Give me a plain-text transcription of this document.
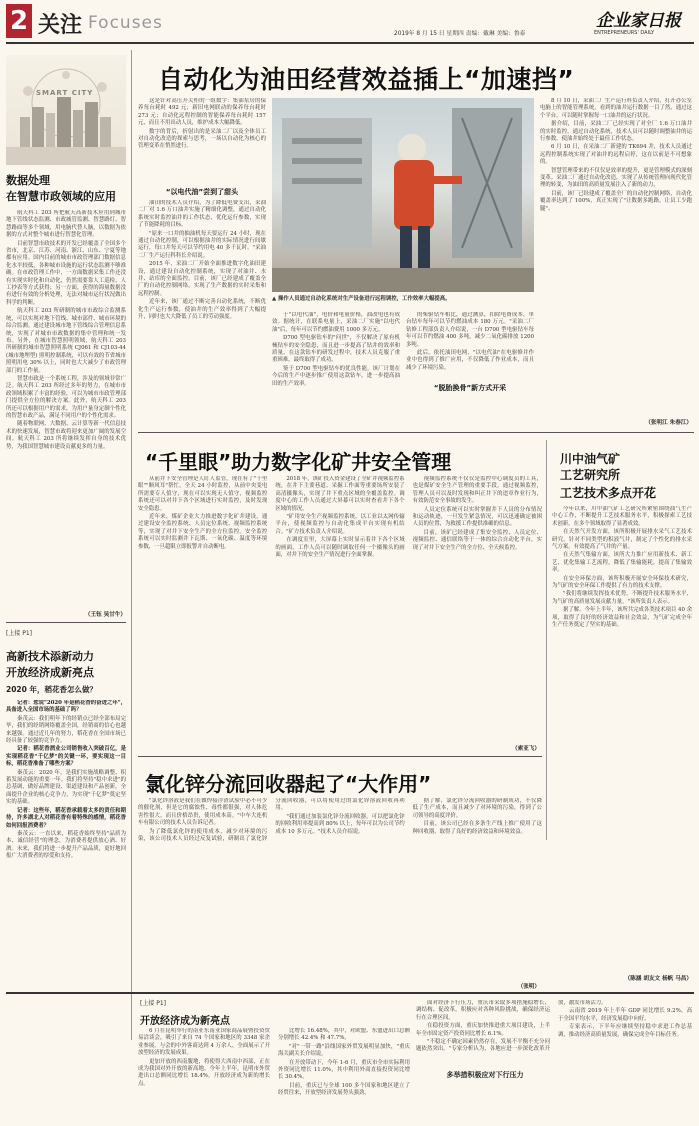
2 关注 Focuses
2019年 8 月 15 日 星期四 责编：戴琳 美编：鲁泰
企业家日报
ENTREPRENEURS' DAILY
SMART CITY
数据处理
在智慧市政领域的应用

航天科工 203 所把航天高新技术应用到城市地下管线状态监测、市政城管监测、智慧路灯、智慧路面等多个领域，用电脑代替人脑，以数据为依据的方式对整个城市进行智慧化管理。

目前智慧市政技术的开发已经覆盖了全国多个省市，北京、江苏、河南、浙江、山东、宁夏等地都有应用。国内目前的城市市政管理部门数据信息化水平较低，各种城市设施的运行状态监测不够准确。在市政管理工作中，一方面数据采集工作还没有实现实时化和自动化，仍然需要靠人工巡检、人工抄表等方式获得；另一方面，获得的海量数据没有进行有效的分析处理，无法对城市运行状况做出科学的判断。

航天科工 203 所研制的城市市政综合监测系统，可以实现对地下管线、城市部件、城市环境的综合监测。通过建设城市地下管线综合管理信息系统，实现了对城市市政数据的集中管理和统一发布。另外，在城市智慧照明领域，航天科工 203 所研制的城市智慧照明系统 CJ061 和 CJ103-44 (城市地埋型) 照明控制系统，可以有效的节省城市照明用电 30% 以上，同时也大大减少了市政管理部门的工作量。

智慧市政是一个系统工程，涉及的领域非常广泛。航天科工 203 所经过多年的努力，在城市市政领域积累了丰富的经验，可以为城市市政管理部门提供全方位的解决方案。此外，航天科工 203 所还可以根据用户的需求，为用户量身定制个性化的智慧市政产品，满足不同用户的个性化需求。

随着物联网、大数据、云计算等新一代信息技术的快速发展，智慧市政将迎来更加广阔的发展空间。航天科工 203 所将继续发挥自身的技术优势，为我国智慧城市建设贡献更多的力量。

（王钰 吴甘牛）
[上接 P1]
高新技术添新动力
开放经济成新亮点
2020 年，稻花香怎么做？

记者：您说"2020 年是稻花香的奋进之年"，具备进入全国市场的基础了吗？

秦茂云：我们明年下的经销点已经全部布局完毕，我们的经销网络覆盖全国，经销商的信心也越来越强。通过近几年的努力，稻花香在全国市场已经具备了较强的竞争力。

记者：稻花香酒业公司销售收入突破百亿，是实现稻花香"千亿梦"的关键一环，要实现这一目标，稻花香准备了哪些方案？

秦茂云：2020 年，是我们实施战略调整、积蓄发展动能的重要一年。我们将坚持"稳中求进"的总基调，做好品牌建设、渠道建设和产品创新，全面提升企业的核心竞争力，为实现"千亿梦"奠定坚实的基础。

记者：这些年，稻花香承载着太多的责任和期待，许多湖北人对稻花香有着特殊的感情，稻花香如何回报消费者？

秦茂云：一直以来，稻花香始终坚持"品质为本、诚信经营"的理念，为消费者提供放心酒、好酒。未来，我们将进一步提升产品品质，更好地回报广大消费者的厚爱和支持。

自动化为油田经营效益插上“加速挡”

这是针对高压开关柜的一组数字：集油泵房的保养每台耗时 492 元；新旧电网联动的保养每台耗时 273 元；自动化远程控制的智能保养每台耗时 157 元，而且不用出动人员，维护成本大幅降低。

数字的背后，折射出的是采油二厂以及全体员工对自动化改造的探索与思考，一场以自动化为核心的管理变革在悄然进行。

“以电代油”尝到了甜头

油田的技术人员介绍，为了降低电费支出，采油二厂对 1.6 万口油井实施了精细化调整，通过自动化系统实时监控油井的工作状态，优化运行参数，实现了节能降耗的目标。

"原来一口井的抽油机每天要运行 24 小时，现在通过自动化控制，可以根据油井的实际情况进行间歇运行，每口井每天可以节约用电 40 多千瓦时。"采油二厂生产运行科科长介绍说。

2015 年，采油二厂开始全面推进数字化油田建设，通过建设自动化控制系统，实现了对油井、水井、站库的全面监控。目前，该厂已经建成了覆盖全厂的自动化控制网络，实现了生产数据的实时采集和远程控制。

近年来，该厂通过不断完善自动化系统，不断优化生产运行参数，使油井的生产效率得到了大幅提升，同时也大大降低了员工的劳动强度。

▲ 操作人员通过自动化系统对生产设备进行远程调控，工作效率大幅提高。

于"以电代油"，电价和电量价格，油改电也有成效。据统计，在联系电量上，采油二厂实施"以电代油"后，每年可以节约燃油费用 1000 多万元。

D700 型电驱钻车的"问世"，不仅解决了原有机械钻车的安全隐患，而且进一步提高了钻井的效率和质量。在这款钻车的研发过程中，技术人员克服了重重困难，最终取得了成功。

鉴于 D700 型电驱钻车的优良性能，该厂计划在今后的生产中逐步推广使用这款钻车，进一步提高油田的生产效率。

的柴驱钻车相比，通过测算，扣除电费成本，单台钻车每年可以节约燃油成本 180 万元。"采油二厂钻修工程部负责人介绍说，一台 D700 型电驱钻车每年可以节约燃油 400 多吨，减少二氧化碳排放 1200 多吨。

此后，依托油田电网，"以电代油"在电驱修井作业中也得到了推广应用，不仅降低了作业成本，而且减少了环境污染。

“脱胎换骨”新方式开采

8 月 10 日，采油二厂生产运行科负责人介绍，打开办公室电脑上的智能管理系统，看到的油井运行数据一目了然，通过这个平台，可以随时掌握每一口油井的运行状况。

据介绍，目前，采油二厂已经实现了对全厂 1.6 万口油井的实时监控，通过自动化系统，技术人员可以随时调整油井的运行参数，使油井始终处于最佳工作状态。

6 月 10 日，在采油二厂新建的 TK694 井，技术人员通过远程控制系统实现了对油井的远程启停，这在以前是不可想象的。

智慧管理带来的不仅仅是效率的提升，更是管理模式的深刻变革。采油二厂通过自动化改造，实现了从传统管理向现代化管理的转变，为油田的高质量发展注入了新的动力。

目前，该厂已经建成了覆盖全厂的自动化控制网络，自动化覆盖率达到了 100%，真正实现了"让数据多跑路，让员工少跑腿"。

（张明江 朱春江）
“千里眼”助力数字化矿井安全管理

从前井下安全管理是人盯人监管，现在有了"千里眼""顺风耳"帮忙，全天 24 小时监控，从前中央变电所需要专人值守，现在可以实现无人值守，视频监控系统还可以对井下各个区域进行实时监控，及时发现安全隐患。

近年来，煤矿企业大力推进数字化矿井建设，通过建设安全监控系统、人员定位系统、视频监控系统等，实现了对井下安全生产的全方位监控。安全监控系统可以实时监测井下瓦斯、一氧化碳、温度等环境参数，一旦超限立即报警并自动断电。

2018 年，该矿投入资金建设了全矿井视频监控系统，在井下主要巷道、采掘工作面等重要场所安装了高清摄像头，实现了井下重点区域的全覆盖监控。调度中心的工作人员通过大屏幕可以实时查看井下各个区域的情况。

"矿用安全生产视频监控系统，以工业以太网传输平台，使视频监控与自动化集成平台实现有机结合。"矿方技术负责人介绍说。

在调度室里，大屏幕上实时显示着井下各个区域的画面，工作人员可以随时调取任何一个摄像头的画面，对井下的安全生产情况进行全面掌握。

视频监控系统不仅仅是监控中心调度员的工具，也是煤矿安全生产管理的重要手段。通过视频监控，管理人员可以及时发现和纠正井下的违章作业行为，有效防范安全事故的发生。

人员定位系统可以实时掌握井下人员的分布情况和运动轨迹，一旦发生紧急情况，可以迅速确定被困人员的位置，为救援工作提供准确的信息。

目前，该矿已经建成了集安全监控、人员定位、视频监控、通信联络等于一体的综合自动化平台，实现了对井下安全生产的全方位、全天候监控。

（索亚飞）
川中油气矿
工艺研究所
工艺技术多点开花

今年以来，川中油气矿工艺研究所紧密围绕油气生产中心工作，不断提升工艺技术服务水平，积极探索工艺技术创新，在多个领域取得了显著成效。

在天然气开发方面，该所积极开展排水采气工艺技术研究，针对不同类型的积液气井，制定了个性化的排水采气方案，有效提高了气井的产量。

在天然气集输方面，该所大力推广应用新技术、新工艺，优化集输工艺流程，降低了集输能耗，提高了集输效率。

在安全环保方面，该所积极开展安全环保技术研究，为气矿的安全环保工作提供了有力的技术支撑。

"我们将继续发挥技术优势，不断提升技术服务水平，为气矿的高质量发展贡献力量。"该所负责人表示。

据了解，今年上半年，该所共完成各类技术项目 40 余项，取得了良好的经济效益和社会效益，为气矿完成全年生产任务奠定了坚实的基础。

（陈涵 胡友文 杨帆 马昌）
氯化锌分流回收器起了“大作用”

"氯化锌溶液是我们在做焊接浮渣试验中必不可少的催化剂，但是它的腐蚀性、毒性都很强，对人体危害性很大。而且价格昂贵，使用成本高。"中车大连机车有限公司的技术人员告诉记者。

为了降低氯化锌的使用成本，减少对环境的污染，该公司技术人员经过反复试验，研制出了氯化锌分流回收器，可以将使用过的氯化锌溶液回收再利用。

"我们通过加装氯化锌分流回收器，可以把氯化锌的回收利用率提高到 80% 以上，每年可以为公司节约成本 10 多万元。"技术人员介绍说。

据了解，氯化锌分流回收器的研制成功，不仅降低了生产成本，而且减少了对环境的污染，得到了公司领导的高度评价。

目前，该公司已经在多条生产线上推广使用了这种回收器，取得了良好的经济效益和环境效益。

（张明）
[上接 P1]
开放经济成为新亮点

6 月在昆明举行的南亚东南亚国家商品展暨投资贸易洽谈会，吸引了来自 74 个国家和地区的 3348 家企业参展。与会的中外客商达到 4 万余人，全面展示了开放型经济的发展成果。

更加开放的西南腹地，将使得大西南中西部，正在成为我国对外开放的新高地。今年上半年，昆明市外贸进出口总额同比增长 18.4%，开放经济成为新的增长点。

比增长 16.48%，其中，对欧盟、东盟进出口总额分别增长 42.4% 和 47.7%。

"对"一带一路"沿线国家外贸发展明显加快，"重庆海关副关长介绍说。

在开放带动下，今年 1-6 月，重庆市全市实际利用外资同比增长 11.0%，其中利用外商直接投资同比增长 30.4%。

目前，重庆已与全球 100 多个国家和地区建立了经贸往来，开放型经济发展势头强劲。

多举措积极应对下行压力

面对经济下行压力，重庆市采取多项措施稳增长、调结构、促改革，积极应对各种风险挑战，确保经济运行在合理区间。

在稳投资方面，重庆加快推进重大项目建设，上半年全市固定资产投资同比增长 6.1%。

"不稳定不确定因素仍然存在，发展不平衡不充分问题依然突出。"专家分析认为，各地应进一步深化改革开放，激发市场活力。

云南省 2019 年上半年 GDP 同比增长 9.2%，高于全国平均水平，经济发展稳中向好。

专家表示，下半年应继续坚持稳中求进工作总基调，推动经济高质量发展，确保完成全年目标任务。
